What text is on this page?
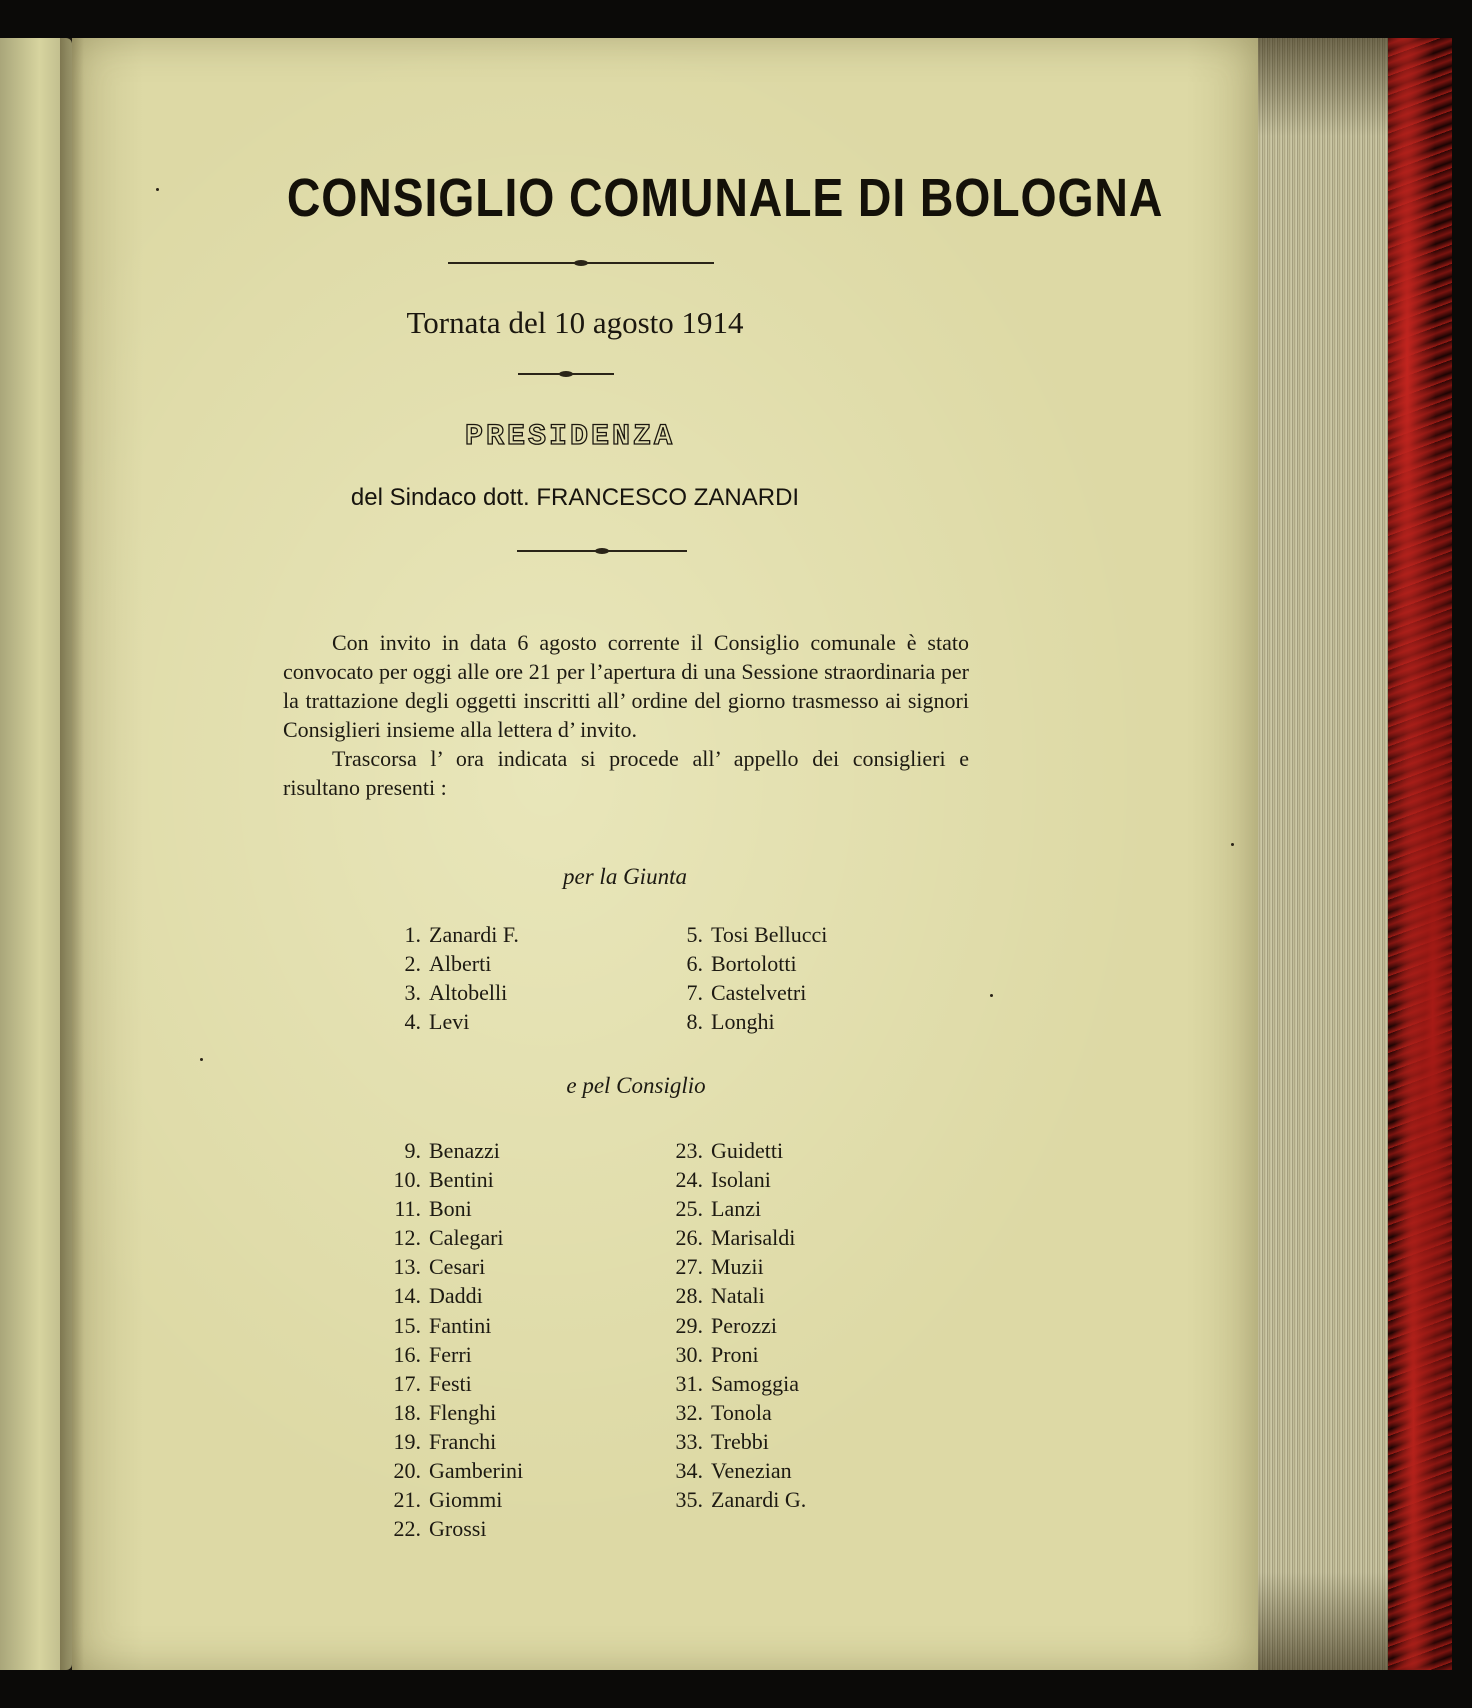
CONSIGLIO COMUNALE DI BOLOGNA
Tornata del 10 agosto 1914
PRESIDENZA
del Sindaco dott. FRANCESCO ZANARDI

Con invito in data 6 agosto corrente il Consiglio comunale è stato convocato per oggi alle ore 21 per l’apertura di una Sessione straordinaria per la trattazione degli oggetti inscritti all’ ordine del giorno trasmesso ai signori Consiglieri insieme alla lettera d’ invito.

Trascorsa l’ ora indicata si procede all’ appello dei consiglieri e risultano presenti :

per la Giunta
1. Zanardi F.
2. Alberti
3. Altobelli
4. Levi
5. Tosi Bellucci
6. Bortolotti
7. Castelvetri
8. Longhi
e pel Consiglio
9. Benazzi
10. Bentini
11. Boni
12. Calegari
13. Cesari
14. Daddi
15. Fantini
16. Ferri
17. Festi
18. Flenghi
19. Franchi
20. Gamberini
21. Giommi
22. Grossi
23. Guidetti
24. Isolani
25. Lanzi
26. Marisaldi
27. Muzii
28. Natali
29. Perozzi
30. Proni
31. Samoggia
32. Tonola
33. Trebbi
34. Venezian
35. Zanardi G.
